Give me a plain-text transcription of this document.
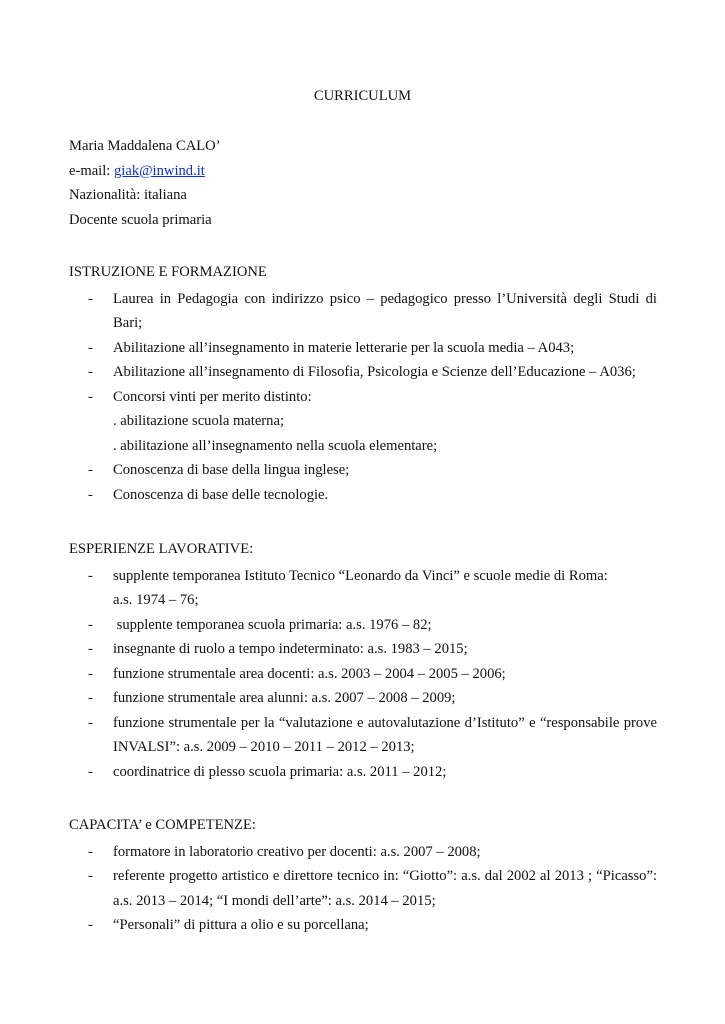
CURRICULUM
Maria Maddalena CALO’
e-mail: giak@inwind.it
Nazionalità: italiana
Docente scuola primaria
ISTRUZIONE E FORMAZIONE
- Laurea in Pedagogia con indirizzo psico – pedagogico presso l’Università degli Studi di
Bari;
- Abilitazione all’insegnamento in materie letterarie per la scuola media – A043;
- Abilitazione all’insegnamento di Filosofia, Psicologia e Scienze dell’Educazione – A036;
- Concorsi vinti per merito distinto:
. abilitazione scuola materna;
. abilitazione all’insegnamento nella scuola elementare;
- Conoscenza di base della lingua inglese;
- Conoscenza di base delle tecnologie.
ESPERIENZE LAVORATIVE:
- supplente temporanea Istituto Tecnico “Leonardo da Vinci” e scuole medie di Roma:
a.s. 1974 – 76;
- supplente temporanea scuola primaria: a.s. 1976 – 82;
- insegnante di ruolo a tempo indeterminato: a.s. 1983 – 2015;
- funzione strumentale area docenti: a.s. 2003 – 2004 – 2005 – 2006;
- funzione strumentale area alunni: a.s. 2007 – 2008 – 2009;
- funzione strumentale per la “valutazione e autovalutazione d’Istituto” e “responsabile prove
INVALSI”: a.s. 2009 – 2010 – 2011 – 2012 – 2013;
- coordinatrice di plesso scuola primaria: a.s. 2011 – 2012;
CAPACITA’ e COMPETENZE:
- formatore in laboratorio creativo per docenti: a.s. 2007 – 2008;
- referente progetto artistico e direttore tecnico in: “Giotto”: a.s. dal 2002 al 2013 ; “Picasso”:
a.s. 2013 – 2014; “I mondi dell’arte”: a.s. 2014 – 2015;
- “Personali” di pittura a olio e su porcellana;
